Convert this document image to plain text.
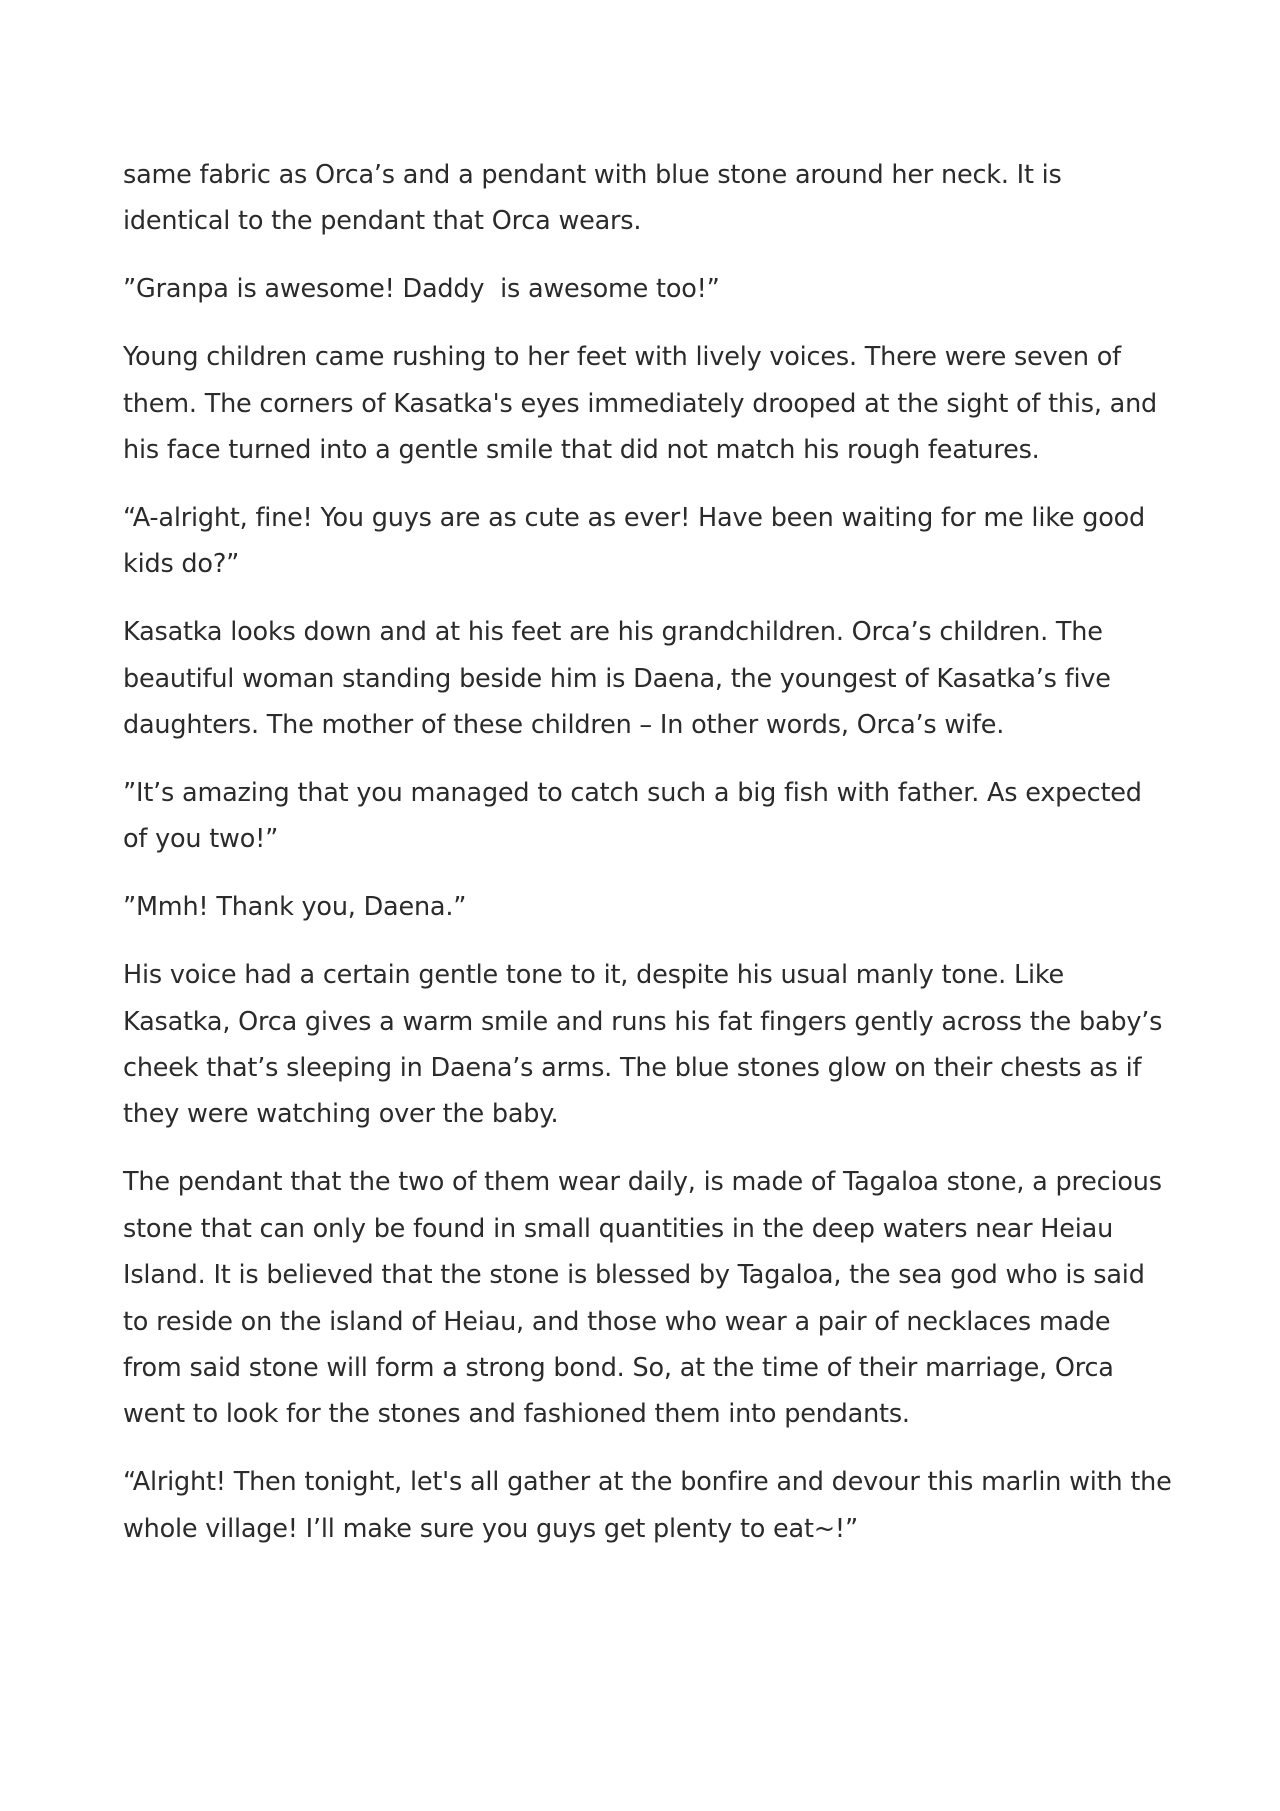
same fabric as Orca’s and a pendant with blue stone around her neck. It is identical to the pendant that Orca wears.

”Granpa is awesome! Daddy  is awesome too!”

Young children came rushing to her feet with lively voices. There were seven of them. The corners of Kasatka's eyes immediately drooped at the sight of this, and his face turned into a gentle smile that did not match his rough features.

“A-alright, fine! You guys are as cute as ever! Have been waiting for me like good kids do?”

Kasatka looks down and at his feet are his grandchildren. Orca’s children. The beautiful woman standing beside him is Daena, the youngest of Kasatka’s five daughters. The mother of these children – In other words, Orca’s wife.

”It’s amazing that you managed to catch such a big fish with father. As expected of you two!”

”Mmh! Thank you, Daena.”

His voice had a certain gentle tone to it, despite his usual manly tone. Like Kasatka, Orca gives a warm smile and runs his fat fingers gently across the baby’s cheek that’s sleeping in Daena’s arms. The blue stones glow on their chests as if they were watching over the baby.

The pendant that the two of them wear daily, is made of Tagaloa stone, a precious stone that can only be found in small quantities in the deep waters near Heiau Island. It is believed that the stone is blessed by Tagaloa, the sea god who is said to reside on the island of Heiau, and those who wear a pair of necklaces made from said stone will form a strong bond. So, at the time of their marriage, Orca went to look for the stones and fashioned them into pendants.

“Alright! Then tonight, let's all gather at the bonfire and devour this marlin with the whole village! I’ll make sure you guys get plenty to eat~!”
